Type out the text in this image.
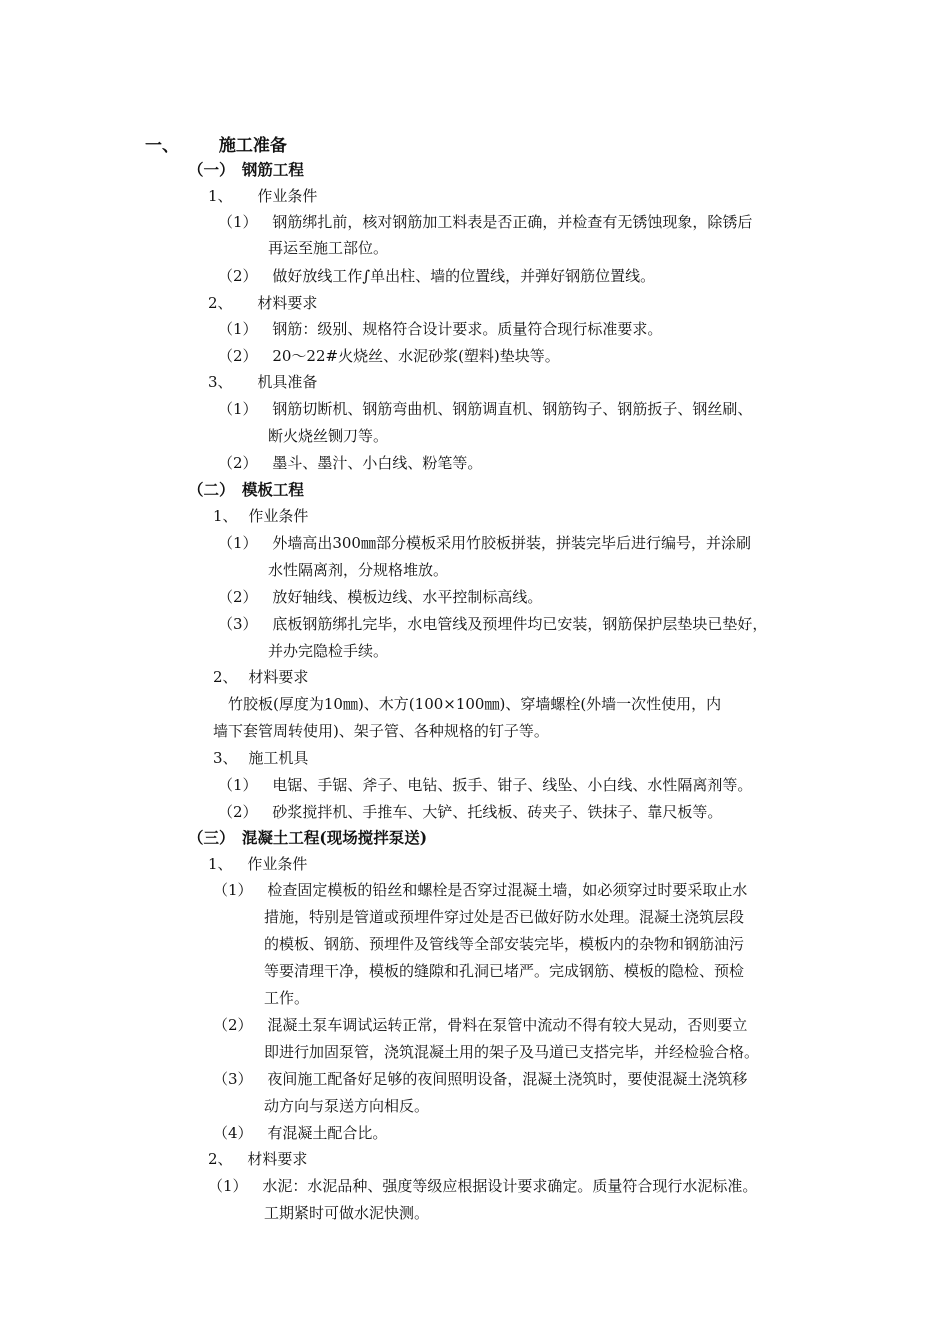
一、 施工准备
（一） 钢筋工程
1、 作业条件
（1） 钢筋绑扎前，核对钢筋加工料表是否正确，并检查有无锈蚀现象，除锈后
再运至施工部位。
（2） 做好放线工作∫单出柱、墙的位置线，并弹好钢筋位置线。
2、 材料要求
（1） 钢筋：级别、规格符合设计要求。质量符合现行标准要求。
（2） 20～22#火烧丝、水泥砂浆(塑料)垫块等。
3、 机具准备
（1） 钢筋切断机、钢筋弯曲机、钢筋调直机、钢筋钩子、钢筋扳子、钢丝刷、
断火烧丝铡刀等。
（2） 墨斗、墨汁、小白线、粉笔等。
（二） 模板工程
1、 作业条件
（1） 外墙高出300㎜部分模板采用竹胶板拼装，拼装完毕后进行编号，并涂刷
水性隔离剂，分规格堆放。
（2） 放好轴线、模板边线、水平控制标高线。
（3） 底板钢筋绑扎完毕，水电管线及预埋件均已安装，钢筋保护层垫块已垫好，
并办完隐检手续。
2、 材料要求
竹胶板(厚度为10㎜)、木方(100×100㎜)、穿墙螺栓(外墙一次性使用，内
墙下套管周转使用)、架子管、各种规格的钉子等。
3、 施工机具
（1） 电锯、手锯、斧子、电钻、扳手、钳子、线坠、小白线、水性隔离剂等。
（2） 砂浆搅拌机、手推车、大铲、托线板、砖夹子、铁抹子、靠尺板等。
（三） 混凝土工程(现场搅拌泵送)
1、 作业条件
（1） 检查固定模板的铅丝和螺栓是否穿过混凝土墙，如必须穿过时要采取止水
措施，特别是管道或预埋件穿过处是否已做好防水处理。混凝土浇筑层段
的模板、钢筋、预埋件及管线等全部安装完毕，模板内的杂物和钢筋油污
等要清理干净，模板的缝隙和孔洞已堵严。完成钢筋、模板的隐检、预检
工作。
（2） 混凝土泵车调试运转正常，骨料在泵管中流动不得有较大晃动，否则要立
即进行加固泵管，浇筑混凝土用的架子及马道已支搭完毕，并经检验合格。
（3） 夜间施工配备好足够的夜间照明设备，混凝土浇筑时，要使混凝土浇筑移
动方向与泵送方向相反。
（4） 有混凝土配合比。
2、 材料要求
（1） 水泥：水泥品种、强度等级应根据设计要求确定。质量符合现行水泥标准。
工期紧时可做水泥快测。
